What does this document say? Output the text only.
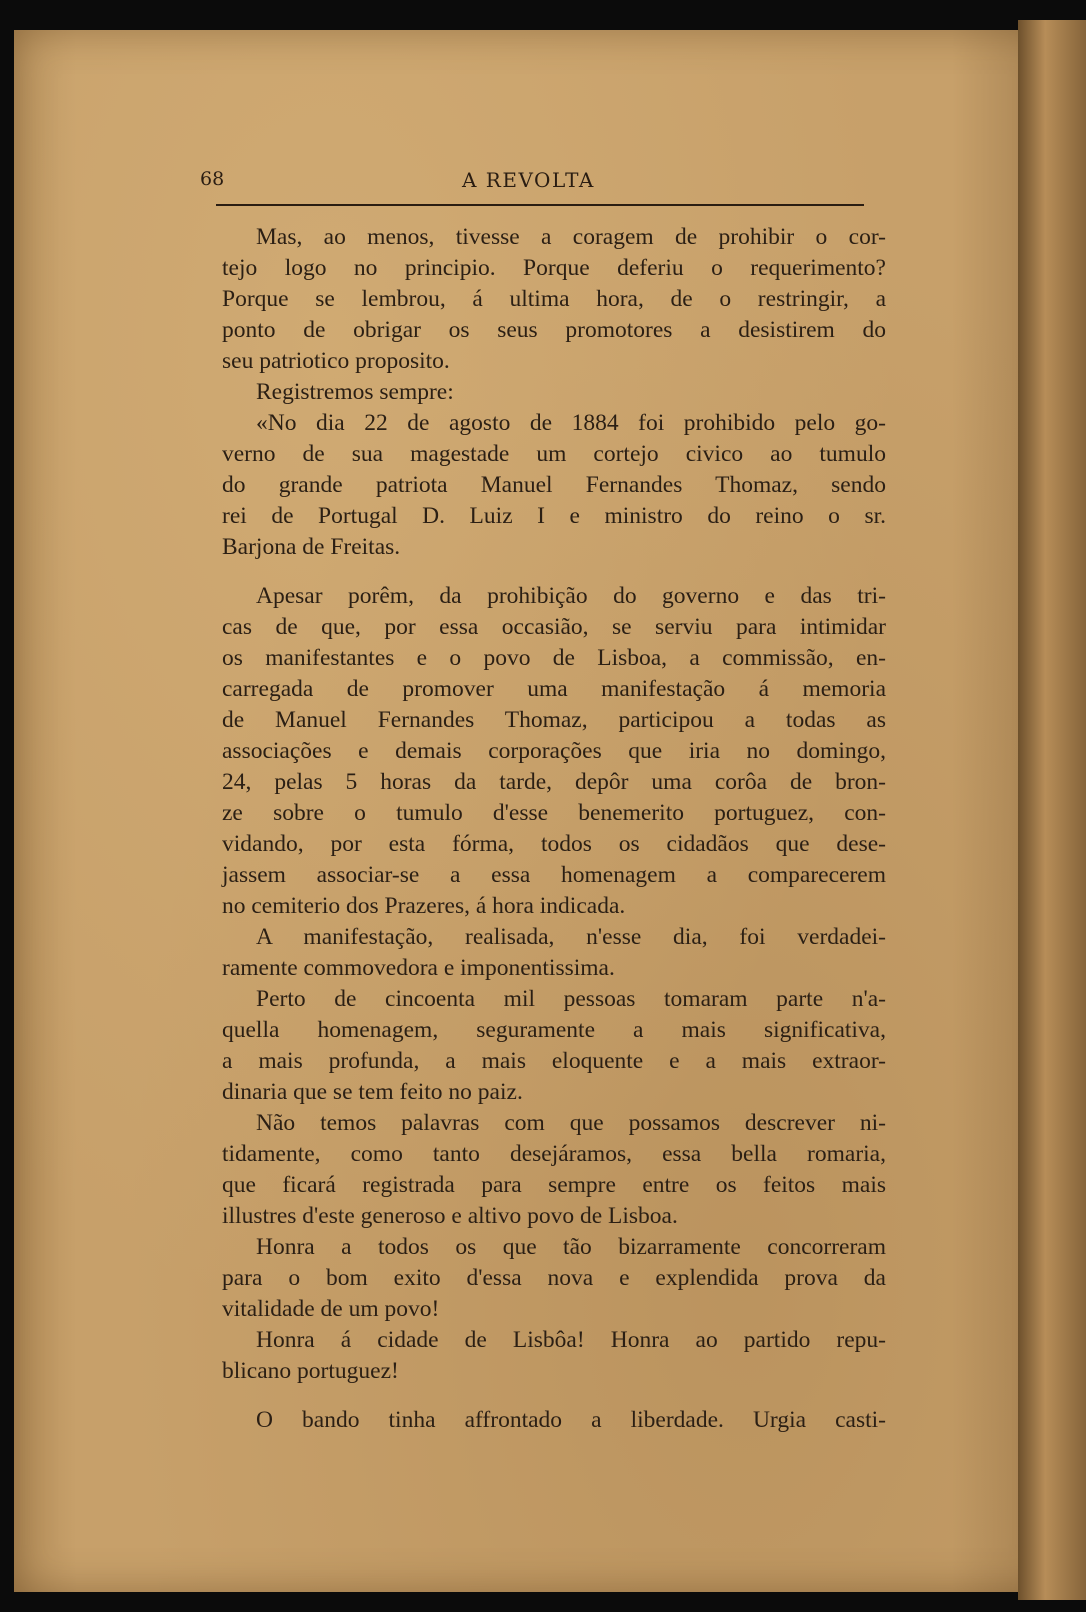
68	A REVOLTA
Mas, ao menos, tivesse a coragem de prohibir o cor-
tejo logo no principio. Porque deferiu o requerimento?
Porque se lembrou, á ultima hora, de o restringir, a
ponto de obrigar os seus promotores a desistirem do
seu patriotico proposito.
Registremos sempre:
«No dia 22 de agosto de 1884 foi prohibido pelo go-
verno de sua magestade um cortejo civico ao tumulo
do grande patriota Manuel Fernandes Thomaz, sendo
rei de Portugal D. Luiz I e ministro do reino o sr.
Barjona de Freitas.
Apesar porêm, da prohibição do governo e das tri-
cas de que, por essa occasião, se serviu para intimidar
os manifestantes e o povo de Lisboa, a commissão, en-
carregada de promover uma manifestação á memoria
de Manuel Fernandes Thomaz, participou a todas as
associações e demais corporações que iria no domingo,
24, pelas 5 horas da tarde, depôr uma corôa de bron-
ze sobre o tumulo d'esse benemerito portuguez, con-
vidando, por esta fórma, todos os cidadãos que dese-
jassem associar-se a essa homenagem a comparecerem
no cemiterio dos Prazeres, á hora indicada.
A manifestação, realisada, n'esse dia, foi verdadei-
ramente commovedora e imponentissima.
Perto de cincoenta mil pessoas tomaram parte n'a-
quella homenagem, seguramente a mais significativa,
a mais profunda, a mais eloquente e a mais extraor-
dinaria que se tem feito no paiz.
Não temos palavras com que possamos descrever ni-
tidamente, como tanto desejáramos, essa bella romaria,
que ficará registrada para sempre entre os feitos mais
illustres d'este generoso e altivo povo de Lisboa.
Honra a todos os que tão bizarramente concorreram
para o bom exito d'essa nova e explendida prova da
vitalidade de um povo!
Honra á cidade de Lisbôa! Honra ao partido repu-
blicano portuguez!
O bando tinha affrontado a liberdade. Urgia casti-
